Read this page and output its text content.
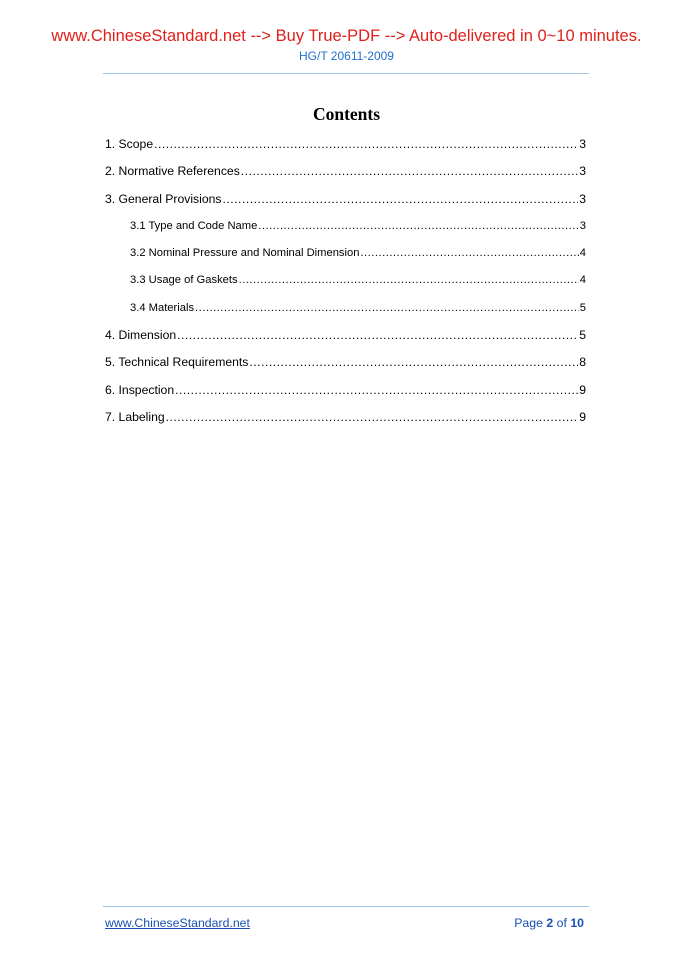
www.ChineseStandard.net --> Buy True-PDF --> Auto-delivered in 0~10 minutes.
HG/T 20611-2009
Contents
1. Scope .....	3
2. Normative References .....	3
3. General Provisions .....	3
3.1 Type and Code Name .....	3
3.2 Nominal Pressure and Nominal Dimension .....	4
3.3 Usage of Gaskets .....	4
3.4 Materials .....	5
4. Dimension .....	5
5. Technical Requirements .....	8
6. Inspection .....	9
7. Labeling .....	9
www.ChineseStandard.net	Page 2 of 10
